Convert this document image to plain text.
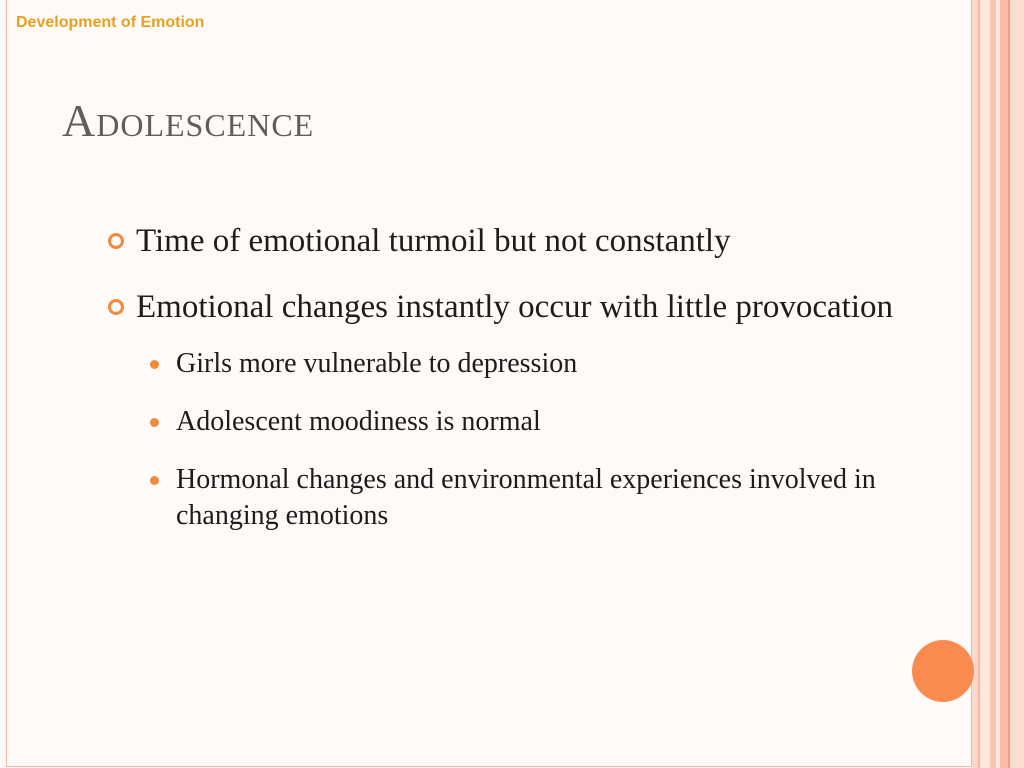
Development of Emotion
Adolescence
Time of emotional turmoil but not constantly
Emotional changes instantly occur with little provocation
Girls more vulnerable to depression
Adolescent moodiness is normal
Hormonal changes and environmental experiences involved in changing emotions
